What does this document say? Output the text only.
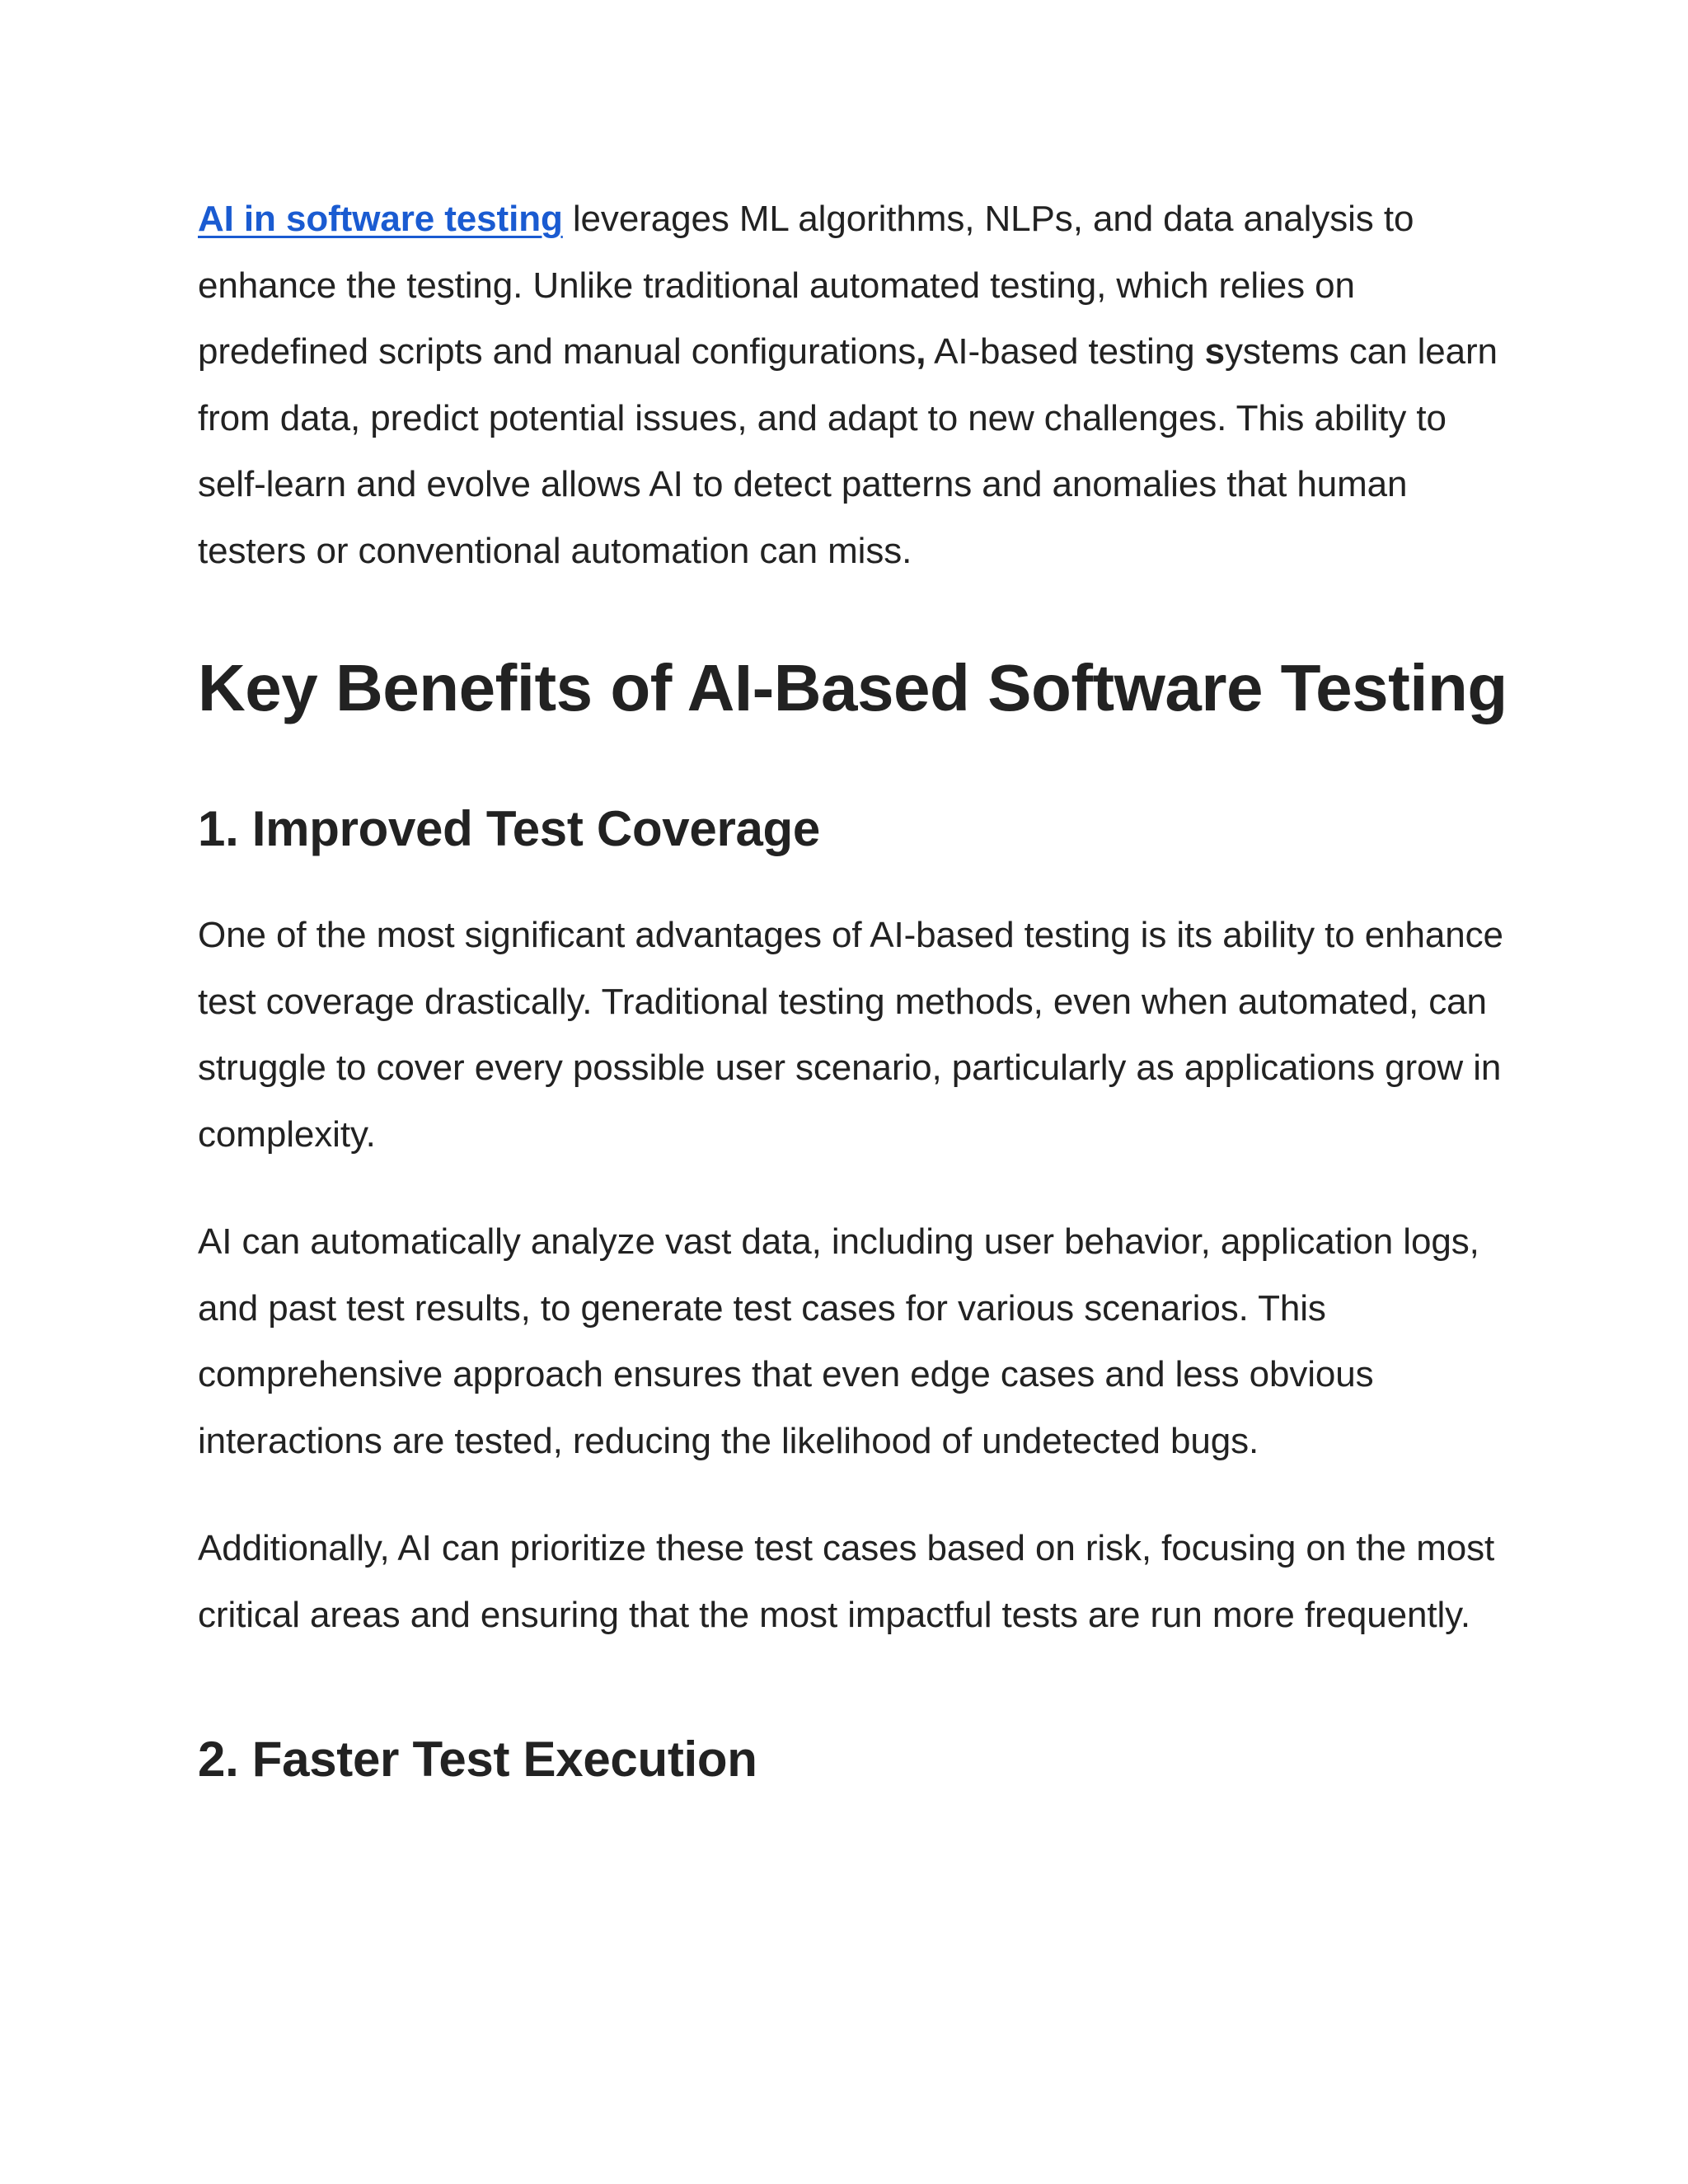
AI in software testing leverages ML algorithms, NLPs, and data analysis to enhance the testing. Unlike traditional automated testing, which relies on predefined scripts and manual configurations, AI-based testing systems can learn from data, predict potential issues, and adapt to new challenges. This ability to self-learn and evolve allows AI to detect patterns and anomalies that human testers or conventional automation can miss.

Key Benefits of AI-Based Software Testing
1. Improved Test Coverage

One of the most significant advantages of AI-based testing is its ability to enhance test coverage drastically. Traditional testing methods, even when automated, can struggle to cover every possible user scenario, particularly as applications grow in complexity.

AI can automatically analyze vast data, including user behavior, application logs, and past test results, to generate test cases for various scenarios. This comprehensive approach ensures that even edge cases and less obvious interactions are tested, reducing the likelihood of undetected bugs.

Additionally, AI can prioritize these test cases based on risk, focusing on the most critical areas and ensuring that the most impactful tests are run more frequently.

2. Faster Test Execution
